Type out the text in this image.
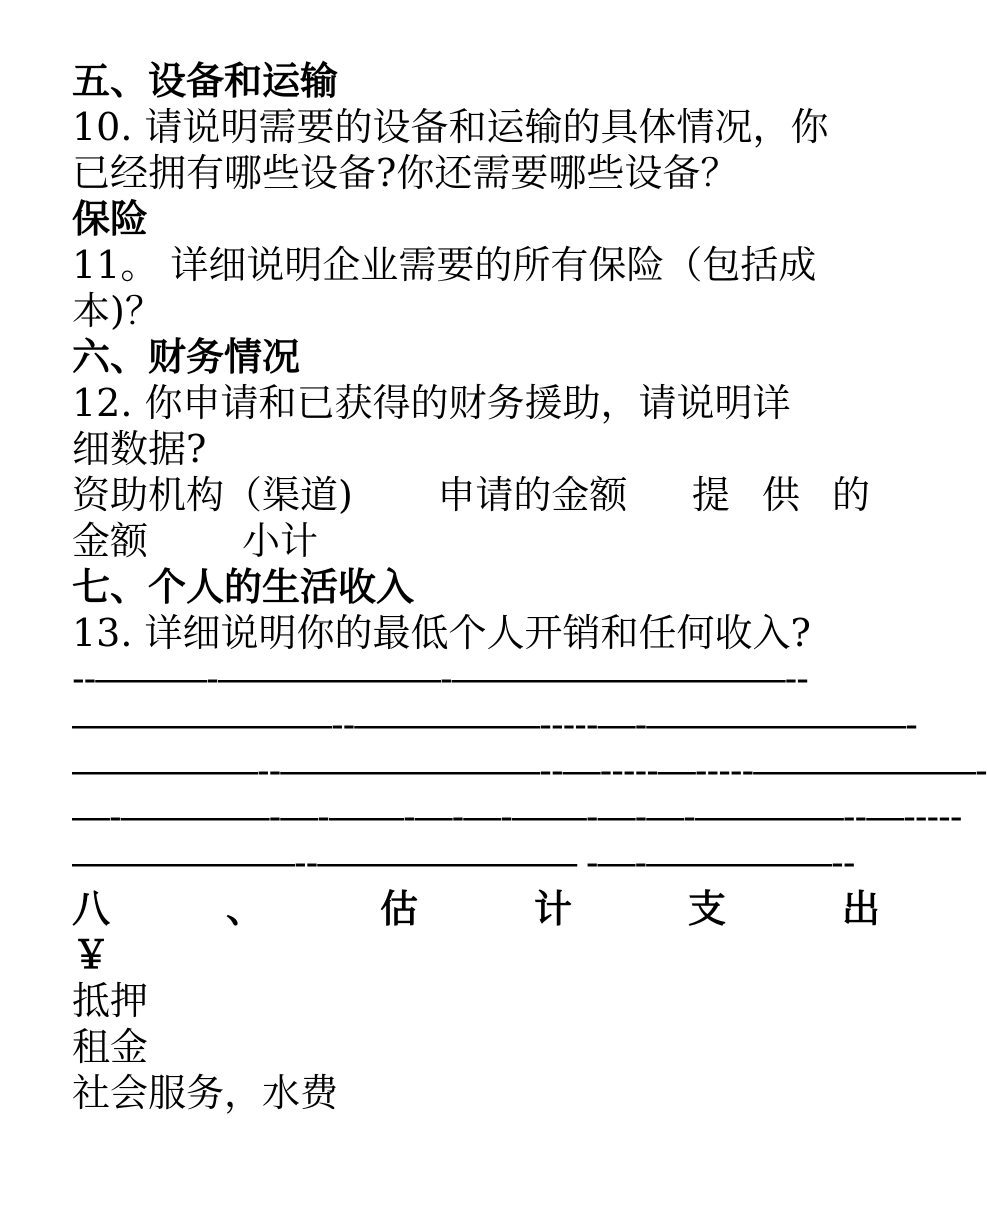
五、设备和运输
10. 请说明需要的设备和运输的具体情况，你
已经拥有哪些设备?你还需要哪些设备？
保险
11。 详细说明企业需要的所有保险（包括成
本)？
六、财务情况
12. 你申请和已获得的财务援助，请说明详
细数据?
资助机构（渠道)	申请的金额	提 供 的
金额	小计
七、个人的生活收入
13. 详细说明你的最低个人开销和任何收入?
--———-——————-—————————--
———————--—————-----—-———————-
—————--———————--—-----—-----——————-
—-————-—-——-—-—-——-—-—-————--—-----
——————--——————— -—-—————--
八	、	估	计	支	出
￥
抵押
租金
社会服务，水费
